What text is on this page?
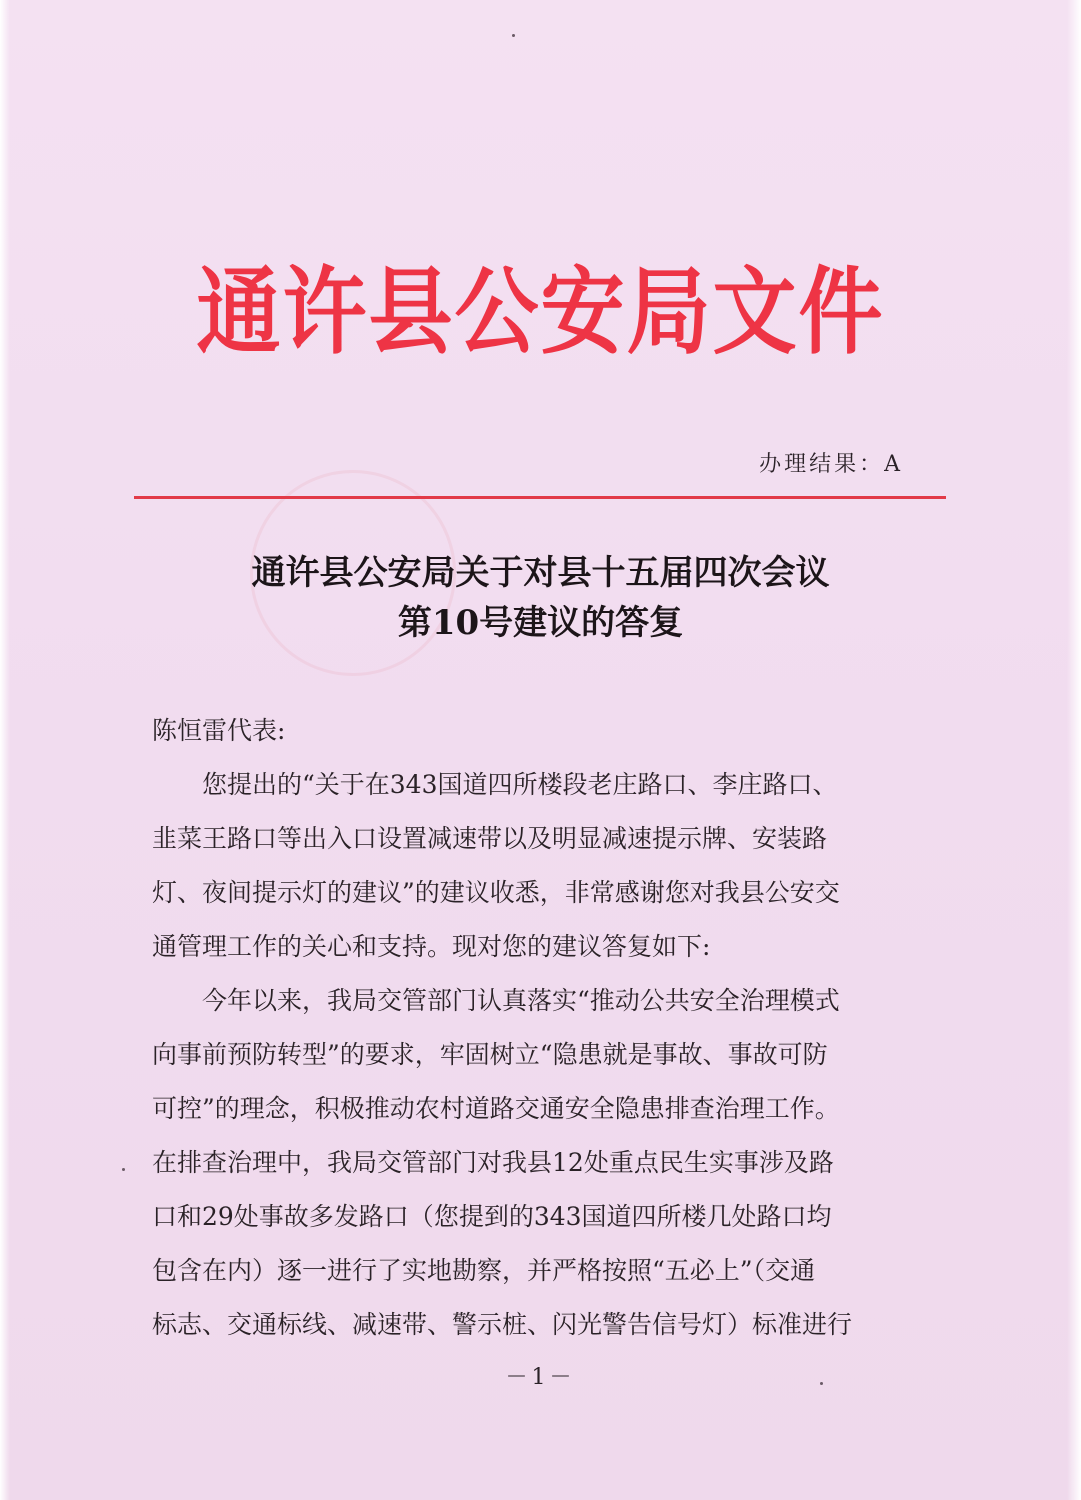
通许县公安局文件
办理结果：A
通许县公安局关于对县十五届四次会议
第10号建议的答复
陈恒雷代表:
　　您提出的“关于在343国道四所楼段老庄路口、李庄路口、
韭菜王路口等出入口设置减速带以及明显减速提示牌、安装路
灯、夜间提示灯的建议”的建议收悉，非常感谢您对我县公安交
通管理工作的关心和支持。现对您的建议答复如下:
　　今年以来，我局交管部门认真落实“推动公共安全治理模式
向事前预防转型”的要求，牢固树立“隐患就是事故、事故可防
可控”的理念，积极推动农村道路交通安全隐患排查治理工作。
在排查治理中，我局交管部门对我县12处重点民生实事涉及路
口和29处事故多发路口（您提到的343国道四所楼几处路口均
包含在内）逐一进行了实地勘察，并严格按照“五必上”（交通
标志、交通标线、减速带、警示桩、闪光警告信号灯）标准进行
－1－
